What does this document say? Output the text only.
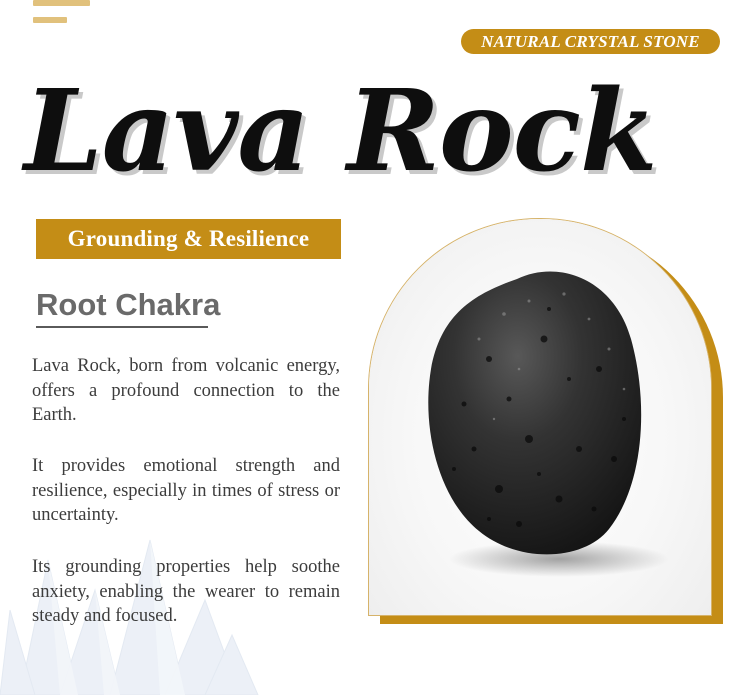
NATURAL CRYSTAL STONE
Lava Rock
Grounding & Resilience
Root Chakra

Lava Rock, born from volcanic energy, offers a profound connection to the Earth.

It provides emotional strength and resilience, especially in times of stress or uncertainty.

Its grounding properties help soothe anxiety, enabling the wearer to remain steady and focused.
